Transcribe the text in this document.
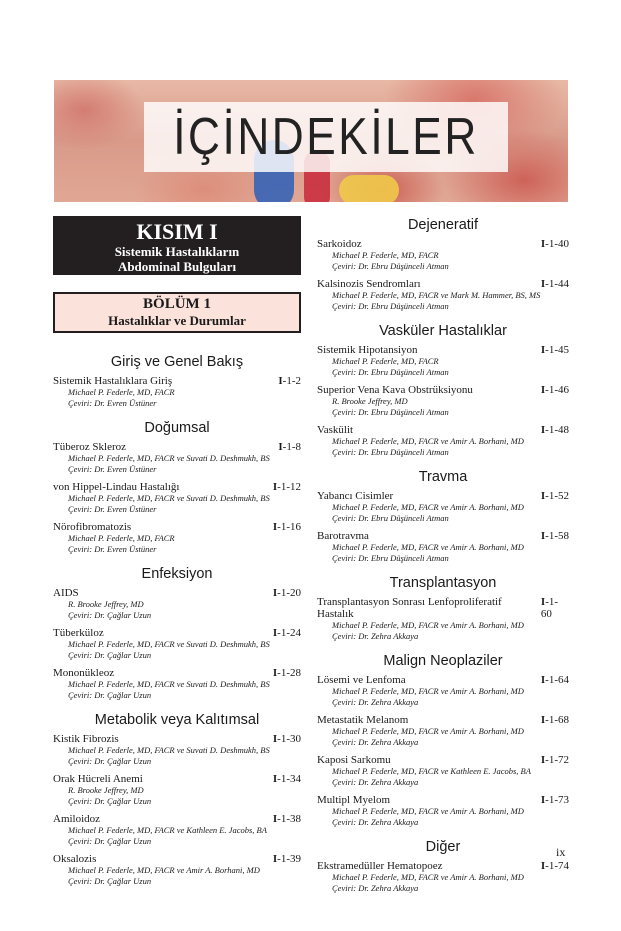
İÇİNDEKİLER
KISIM I
Sistemik Hastalıkların
Abdominal Bulguları
BÖLÜM 1
Hastalıklar ve Durumlar
Giriş ve Genel Bakış
Sistemik Hastalıklara Giriş	I-1-2
Michael P. Federle, MD, FACR
Çeviri: Dr. Evren Üstüner
Doğumsal
Tüberoz Skleroz	I-1-8
Michael P. Federle, MD, FACR ve Suvati D. Deshmukh, BS
Çeviri: Dr. Evren Üstüner
von Hippel-Lindau Hastalığı	I-1-12
Michael P. Federle, MD, FACR ve Suvati D. Deshmukh, BS
Çeviri: Dr. Evren Üstüner
Nörofibromatozis	I-1-16
Michael P. Federle, MD, FACR
Çeviri: Dr. Evren Üstüner
Enfeksiyon
AIDS	I-1-20
R. Brooke Jeffrey, MD
Çeviri: Dr. Çağlar Uzun
Tüberküloz	I-1-24
Michael P. Federle, MD, FACR ve Suvati D. Deshmukh, BS
Çeviri: Dr. Çağlar Uzun
Mononükleoz	I-1-28
Michael P. Federle, MD, FACR ve Suvati D. Deshmukh, BS
Çeviri: Dr. Çağlar Uzun
Metabolik veya Kalıtımsal
Kistik Fibrozis	I-1-30
Michael P. Federle, MD, FACR ve Suvati D. Deshmukh, BS
Çeviri: Dr. Çağlar Uzun
Orak Hücreli Anemi	I-1-34
R. Brooke Jeffrey, MD
Çeviri: Dr. Çağlar Uzun
Amiloidoz	I-1-38
Michael P. Federle, MD, FACR ve Kathleen E. Jacobs, BA
Çeviri: Dr. Çağlar Uzun
Oksalozis	I-1-39
Michael P. Federle, MD, FACR ve Amir A. Borhani, MD
Çeviri: Dr. Çağlar Uzun
Dejeneratif
Sarkoidoz	I-1-40
Michael P. Federle, MD, FACR
Çeviri: Dr. Ebru Düşünceli Atman
Kalsinozis Sendromları	I-1-44
Michael P. Federle, MD, FACR ve Mark M. Hammer, BS, MS
Çeviri: Dr. Ebru Düşünceli Atman
Vasküler Hastalıklar
Sistemik Hipotansiyon	I-1-45
Michael P. Federle, MD, FACR
Çeviri: Dr. Ebru Düşünceli Atman
Superior Vena Kava Obstrüksiyonu	I-1-46
R. Brooke Jeffrey, MD
Çeviri: Dr. Ebru Düşünceli Atman
Vaskülit	I-1-48
Michael P. Federle, MD, FACR ve Amir A. Borhani, MD
Çeviri: Dr. Ebru Düşünceli Atman
Travma
Yabancı Cisimler	I-1-52
Michael P. Federle, MD, FACR ve Amir A. Borhani, MD
Çeviri: Dr. Ebru Düşünceli Atman
Barotravma	I-1-58
Michael P. Federle, MD, FACR ve Amir A. Borhani, MD
Çeviri: Dr. Ebru Düşünceli Atman
Transplantasyon
Transplantasyon Sonrası Lenfoproliferatif Hastalık
I-1-60
Michael P. Federle, MD, FACR ve Amir A. Borhani, MD
Çeviri: Dr. Zehra Akkaya
Malign Neoplaziler
Lösemi ve Lenfoma	I-1-64
Michael P. Federle, MD, FACR ve Amir A. Borhani, MD
Çeviri: Dr. Zehra Akkaya
Metastatik Melanom	I-1-68
Michael P. Federle, MD, FACR ve Amir A. Borhani, MD
Çeviri: Dr. Zehra Akkaya
Kaposi Sarkomu	I-1-72
Michael P. Federle, MD, FACR ve Kathleen E. Jacobs, BA
Çeviri: Dr. Zehra Akkaya
Multipl Myelom	I-1-73
Michael P. Federle, MD, FACR ve Amir A. Borhani, MD
Çeviri: Dr. Zehra Akkaya
Diğer
Ekstramedüller Hematopoez	I-1-74
Michael P. Federle, MD, FACR ve Amir A. Borhani, MD
Çeviri: Dr. Zehra Akkaya
ix
